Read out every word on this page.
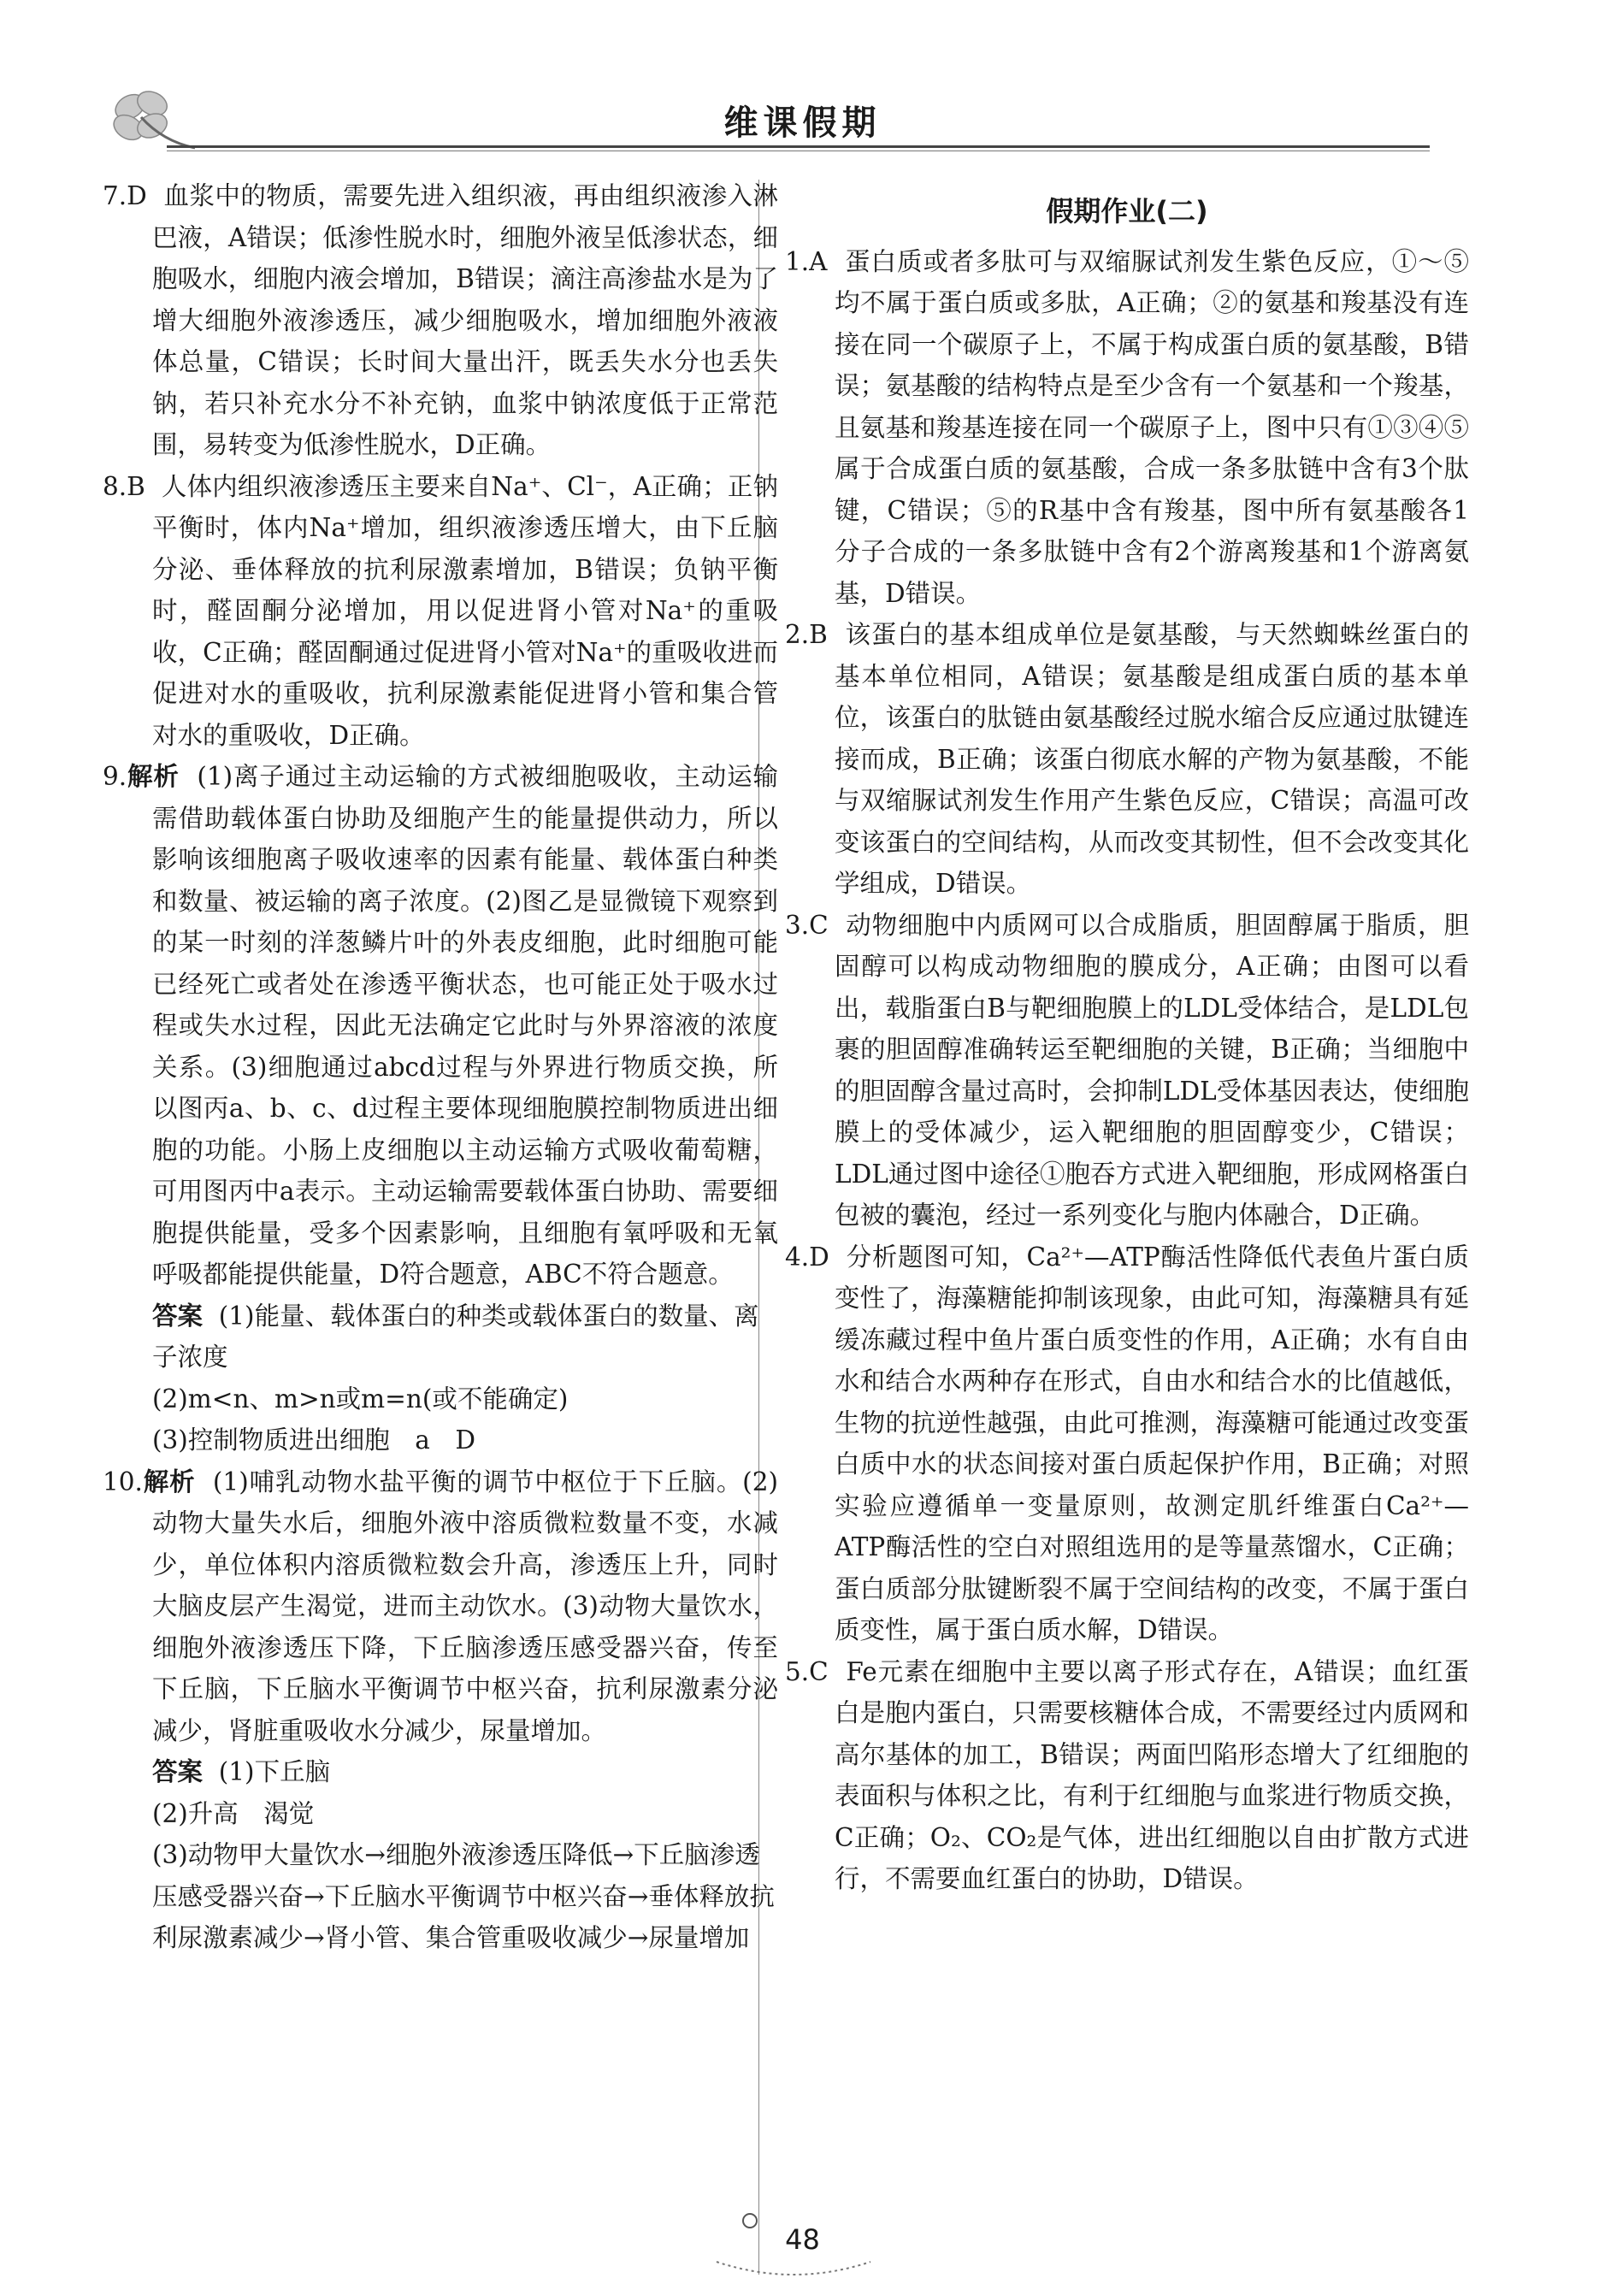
维课假期

7.D 血浆中的物质，需要先进入组织液，再由组织液渗入淋巴液，A错误；低渗性脱水时，细胞外液呈低渗状态，细胞吸水，细胞内液会增加，B错误；滴注高渗盐水是为了增大细胞外液渗透压，减少细胞吸水，增加细胞外液液体总量，C错误；长时间大量出汗，既丢失水分也丢失钠，若只补充水分不补充钠，血浆中钠浓度低于正常范围，易转变为低渗性脱水，D正确。

8.B 人体内组织液渗透压主要来自Na⁺、Cl⁻，A正确；正钠平衡时，体内Na⁺增加，组织液渗透压增大，由下丘脑分泌、垂体释放的抗利尿激素增加，B错误；负钠平衡时，醛固酮分泌增加，用以促进肾小管对Na⁺的重吸收，C正确；醛固酮通过促进肾小管对Na⁺的重吸收进而促进对水的重吸收，抗利尿激素能促进肾小管和集合管对水的重吸收，D正确。

9.解析 (1)离子通过主动运输的方式被细胞吸收，主动运输需借助载体蛋白协助及细胞产生的能量提供动力，所以影响该细胞离子吸收速率的因素有能量、载体蛋白种类和数量、被运输的离子浓度。(2)图乙是显微镜下观察到的某一时刻的洋葱鳞片叶的外表皮细胞，此时细胞可能已经死亡或者处在渗透平衡状态，也可能正处于吸水过程或失水过程，因此无法确定它此时与外界溶液的浓度关系。(3)细胞通过abcd过程与外界进行物质交换，所以图丙a、b、c、d过程主要体现细胞膜控制物质进出细胞的功能。小肠上皮细胞以主动运输方式吸收葡萄糖，可用图丙中a表示。主动运输需要载体蛋白协助、需要细胞提供能量，受多个因素影响，且细胞有氧呼吸和无氧呼吸都能提供能量，D符合题意，ABC不符合题意。

答案 (1)能量、载体蛋白的种类或载体蛋白的数量、离子浓度

(2)m<n、m>n或m=n(或不能确定)

(3)控制物质进出细胞　a　D

10.解析 (1)哺乳动物水盐平衡的调节中枢位于下丘脑。(2)动物大量失水后，细胞外液中溶质微粒数量不变，水减少，单位体积内溶质微粒数会升高，渗透压上升，同时大脑皮层产生渴觉，进而主动饮水。(3)动物大量饮水，细胞外液渗透压下降，下丘脑渗透压感受器兴奋，传至下丘脑，下丘脑水平衡调节中枢兴奋，抗利尿激素分泌减少，肾脏重吸收水分减少，尿量增加。

答案 (1)下丘脑

(2)升高　渴觉

(3)动物甲大量饮水→细胞外液渗透压降低→下丘脑渗透压感受器兴奋→下丘脑水平衡调节中枢兴奋→垂体释放抗利尿激素减少→肾小管、集合管重吸收减少→尿量增加

假期作业(二)

1.A 蛋白质或者多肽可与双缩脲试剂发生紫色反应，①～⑤均不属于蛋白质或多肽，A正确；②的氨基和羧基没有连接在同一个碳原子上，不属于构成蛋白质的氨基酸，B错误；氨基酸的结构特点是至少含有一个氨基和一个羧基，且氨基和羧基连接在同一个碳原子上，图中只有①③④⑤属于合成蛋白质的氨基酸，合成一条多肽链中含有3个肽键，C错误；⑤的R基中含有羧基，图中所有氨基酸各1分子合成的一条多肽链中含有2个游离羧基和1个游离氨基，D错误。

2.B 该蛋白的基本组成单位是氨基酸，与天然蜘蛛丝蛋白的基本单位相同，A错误；氨基酸是组成蛋白质的基本单位，该蛋白的肽链由氨基酸经过脱水缩合反应通过肽键连接而成，B正确；该蛋白彻底水解的产物为氨基酸，不能与双缩脲试剂发生作用产生紫色反应，C错误；高温可改变该蛋白的空间结构，从而改变其韧性，但不会改变其化学组成，D错误。

3.C 动物细胞中内质网可以合成脂质，胆固醇属于脂质，胆固醇可以构成动物细胞的膜成分，A正确；由图可以看出，载脂蛋白B与靶细胞膜上的LDL受体结合，是LDL包裹的胆固醇准确转运至靶细胞的关键，B正确；当细胞中的胆固醇含量过高时，会抑制LDL受体基因表达，使细胞膜上的受体减少，运入靶细胞的胆固醇变少，C错误；LDL通过图中途径①胞吞方式进入靶细胞，形成网格蛋白包被的囊泡，经过一系列变化与胞内体融合，D正确。

4.D 分析题图可知，Ca²⁺—ATP酶活性降低代表鱼片蛋白质变性了，海藻糖能抑制该现象，由此可知，海藻糖具有延缓冻藏过程中鱼片蛋白质变性的作用，A正确；水有自由水和结合水两种存在形式，自由水和结合水的比值越低，生物的抗逆性越强，由此可推测，海藻糖可能通过改变蛋白质中水的状态间接对蛋白质起保护作用，B正确；对照实验应遵循单一变量原则，故测定肌纤维蛋白Ca²⁺—ATP酶活性的空白对照组选用的是等量蒸馏水，C正确；蛋白质部分肽键断裂不属于空间结构的改变，不属于蛋白质变性，属于蛋白质水解，D错误。

5.C Fe元素在细胞中主要以离子形式存在，A错误；血红蛋白是胞内蛋白，只需要核糖体合成，不需要经过内质网和高尔基体的加工，B错误；两面凹陷形态增大了红细胞的表面积与体积之比，有利于红细胞与血浆进行物质交换，C正确；O₂、CO₂是气体，进出红细胞以自由扩散方式进行，不需要血红蛋白的协助，D错误。

48
